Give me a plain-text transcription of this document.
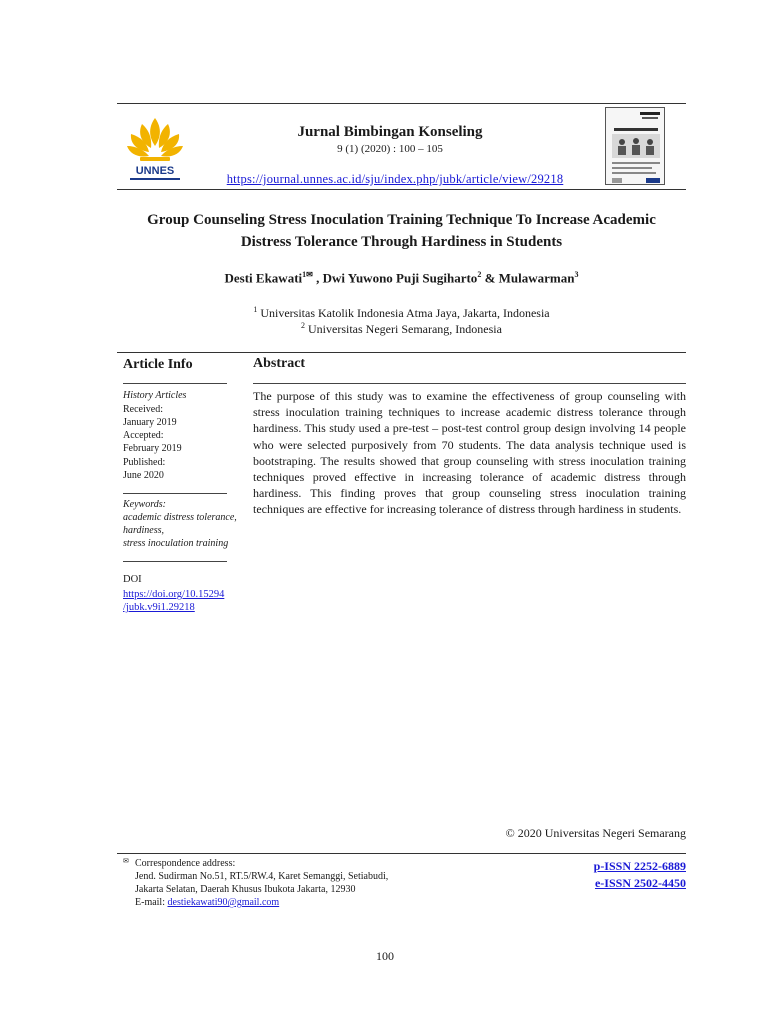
UNNES
Jurnal Bimbingan Konseling
9 (1) (2020) : 100 – 105
https://journal.unnes.ac.id/sju/index.php/jubk/article/view/29218
Group Counseling Stress Inoculation Training Technique To Increase Academic
Distress Tolerance Through Hardiness in Students
Desti Ekawati$^{1✉}$ , Dwi Yuwono Puji Sugiharto$^2$ & Mulawarman$^3$
$^1$ Universitas Katolik Indonesia Atma Jaya, Jakarta, Indonesia
$^2$ Universitas Negeri Semarang, Indonesia
Article Info
History Articles
Received:
January 2019
Accepted:
February 2019
Published:
June 2020
Keywords:
academic distress tolerance,
hardiness,
stress inoculation training
DOI
https://doi.org/10.15294
/jubk.v9i1.29218
Abstract
The purpose of this study was to examine the effectiveness of group counseling with stress inoculation training techniques to increase academic distress tolerance through hardiness. This study used a pre-test – post-test control group design involving 14 people who were selected purposively from 70 students. The data analysis technique used is bootstraping. The results showed that group counseling with stress inoculation training techniques proved effective in increasing tolerance of academic distress through hardiness. This finding proves that group counseling stress inoculation training techniques are effective for increasing tolerance of distress through hardiness in students.
© 2020 Universitas Negeri Semarang
✉ Correspondence address:
Jend. Sudirman No.51, RT.5/RW.4, Karet Semanggi, Setiabudi,
Jakarta Selatan, Daerah Khusus Ibukota Jakarta, 12930
E-mail: destiekawati90@gmail.com
p-ISSN 2252-6889
e-ISSN 2502-4450
100
